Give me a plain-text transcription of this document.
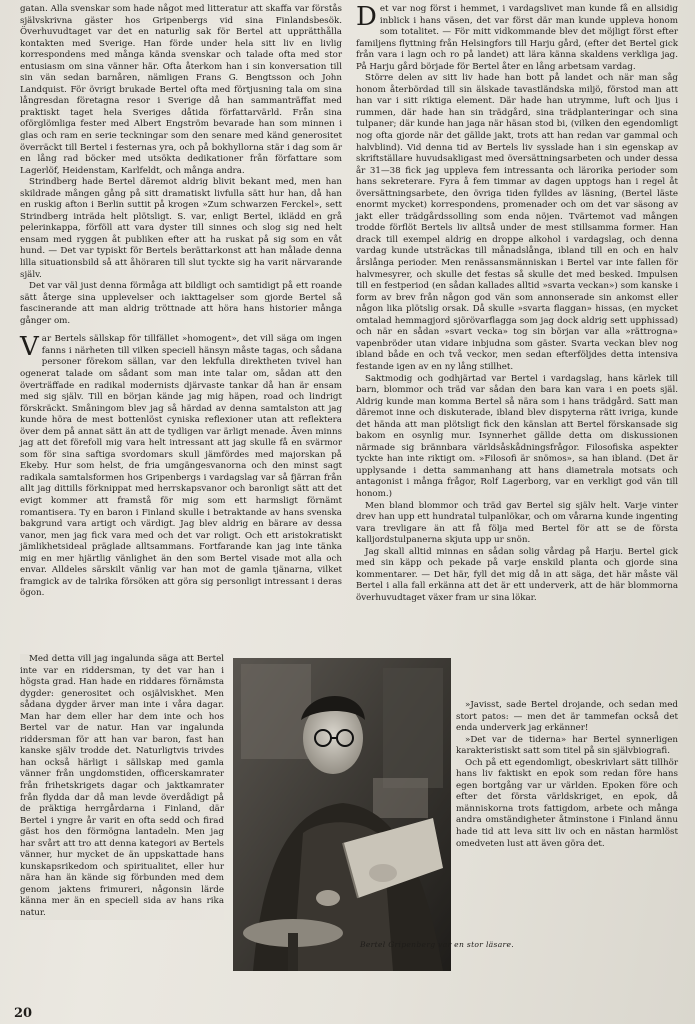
gatan. Alla svenskar som hade något med litteratur att skaffa var förstås självskrivna gäster hos Gripenbergs vid sina Finlandsbesök. Överhuvudtaget var det en naturlig sak för Bertel att upprätthålla kontakten med Sverige. Han förde under hela sitt liv en livlig korrespondens med många kända svenskar och talade ofta med stor entusiasm om sina vänner här. Ofta återkom han i sin konversation till sin vän sedan barnåren, nämligen Frans G. Bengtsson och John Landquist. För övrigt brukade Bertel ofta med förtjusning tala om sina långresdan företagna resor i Sverige då han sammanträffat med praktiskt taget hela Sveriges dåtida författarvärld. Från sina oförglömliga fester med Albert Engström bevarade han som minnen i glas och ram en serie teckningar som den senare med känd generositet överräckt till Bertel i festernas yra, och på bokhyllorna stär i dag som är en lång rad böcker med utsökta dedikationer från författare som Lagerlöf, Heidenstam, Karlfeldt, och många andra.

Strindberg hade Bertel däremot aldrig blivit bekant med, men han skildrade mången gång på sitt dramatiskt livfulla sätt hur han, då han en ruskig afton i Berlin suttit på krogen »Zum schwarzen Ferckel», sett Strindberg inträda helt plötsligt. S. var, enligt Bertel, iklädd en grå pelerinkappa, förföll att vara dyster till sinnes och slog sig ned helt ensam med ryggen åt publiken efter att ha ruskat på sig som en våt hund. — Det var typiskt för Bertels berättarkonst att han målade denna lilla situationsbild så att åhöraren till slut tyckte sig ha varit närvarande själv.

Det var väl just denna förmåga att bildligt och samtidigt på ett roande sätt återge sina upplevelser och iakttagelser som gjorde Bertel så fascinerande att man aldrig tröttnade att höra hans historier många gånger om.

Var Bertels sällskap för tillfället »homogent», det vill säga om ingen fanns i närheten till vilken speciell hänsyn måste tagas, och sådana personer förekom sällan, var den lekfulla direktheten tvivel han ogenerat talade om sådant som man inte talar om, sådan att den överträffade en radikal modernists djärvaste tankar då han är ensam med sig själv. Till en början kände jag mig häpen, road och lindrigt förskräckt. Småningom blev jag så härdad av denna samtalston att jag kunde höra de mest bottenlöst cyniska reflexioner utan att reflektera över dem på annat sätt än att de tydligen var ärligt menade. Även minns jag att det förefoll mig vara helt intressant att jag skulle få en svärmor som för sina saftiga svordomars skull jämfördes med majorskan på Ekeby. Hur som helst, de fria umgängesvanorna och den minst sagt radikala samtalsformen hos Gripenbergs i vardagslag var så fjärran från allt jag dittills förknippat med herrskapsvanor och baronligt sätt att det evigt kommer att framstå för mig som ett harmsligt förnämt romantisera. Ty en baron i Finland skulle i betraktande av hans svenska bakgrund vara artigt och värdigt. Jag blev aldrig en bärare av dessa vanor, men jag fick vara med och det var roligt. Och ett aristokratiskt jämlikhetsideal präglade alltsammans. Fortfarande kan jag inte tänka mig en mer hjärtlig vänlighet än den som Bertel visade mot alla och envar. Alldeles särskilt vänlig var han mot de gamla tjänarna, vilket framgick av de talrika försöken att göra sig personligt intressant i deras ögon.

Med detta vill jag ingalunda säga att Bertel inte var en riddersman, ty det var han i högsta grad. Han hade en riddares förnämsta dygder: generositet och osjälviskhet. Men sådana dygder ärver man inte i våra dagar. Man har dem eller har dem inte och hos Bertel var de natur. Han var ingalunda riddersman för att han var baron, fast han kanske själv trodde det. Naturligtvis trivdes han också härligt i sällskap med gamla vänner från ungdomstiden, officerskamrater från frihetskrigets dagar och jaktkamrater från flydda dar då man levde överdådigt på de präktiga herrgårdarna i Finland, där Bertel i yngre år varit en ofta sedd och firad gäst hos den förmögna lantadeln. Men jag har svårt att tro att denna kategori av Bertels vänner, hur mycket de än uppskattade hans kunskapsrikedom och spiritualitet, eller hur nära han än kände sig förbunden med dem genom jaktens frimureri, någonsin lärde känna mer än en speciell sida av hans rika natur.

Det var nog först i hemmet, i vardagslivet man kunde få en allsidig inblick i hans väsen, det var först där man kunde uppleva honom som totalitet. — För mitt vidkommande blev det möjligt först efter familjens flyttning från Helsingfors till Harju gård, (efter det Bertel gick från vara i lagn och ro på landet) att lära känna skaldens verkliga jag. På Harju gård började för Bertel åter en lång arbetsam vardag.

Större delen av sitt liv hade han bott på landet och när man såg honom återbördad till sin älskade tavastländska miljö, förstod man att han var i sitt riktiga element. Där hade han utrymme, luft och ljus i rummen, där hade han sin trädgård, sina trädplanteringar och sina tulpaner; där kunde han jaga när häsan stod bi, (vilken den egendomligt nog ofta gjorde när det gällde jakt, trots att han redan var gammal och halvblind). Vid denna tid av Bertels liv sysslade han i sin egenskap av skriftställare huvudsakligast med översättningsarbeten och under dessa år 31—38 fick jag uppleva fem intressanta och lärorika perioder som hans sekreterare. Fyra å fem timmar av dagen upptogs han i regel åt översättningsarbete, den övriga tiden fylldes av läsning, (Bertel läste enormt mycket) korrespondens, promenader och om det var säsong av jakt eller trädgårdssolling som enda nöjen. Tvärtemot vad mången trodde förflöt Bertels liv alltså under de mest stillsamma former. Han drack till exempel aldrig en droppe alkohol i vardagslag, och denna vardag kunde utsträckas till månadslånga, ibland till en och en halv årslånga perioder. Men renässansmänniskan i Bertel var inte fallen för halvmesyrer, och skulle det festas så skulle det med besked. Impulsen till en festperiod (en sådan kallades alltid »svarta veckan») som kanske i form av brev från någon god vän som annonserade sin ankomst eller någon lika plötslig orsak. Då skulle »svarta flaggan» hissas, (en mycket omtalad hemmagjord sjörövarflagga som jag dock aldrig sett upphissad) och när en sådan »svart vecka» tog sin början var alla »rättrogna» vapenbröder utan vidare inbjudna som gäster. Svarta veckan blev nog ibland både en och två veckor, men sedan efterföljdes detta intensiva festande igen av en ny lång stillhet.

Saktmodig och godhjärtad var Bertel i vardagslag, hans kärlek till barn, blommor och träd var sådan den bara kan vara i en poets själ. Aldrig kunde man komma Bertel så nära som i hans trädgård. Satt man däremot inne och diskuterade, ibland blev dispyterna rätt ivriga, kunde det hända att man plötsligt fick den känslan att Bertel förskansade sig bakom en osynlig mur. Isynnerhet gällde detta om diskussionen närmade sig brännbara världsåskådningsfrågor. Filosofiska aspekter tyckte han inte riktigt om. »Filosofi är snömos», sa han ibland. (Det är upplysande i detta sammanhang att hans diametrala motsats och antagonist i många frågor, Rolf Lagerborg, var en verkligt god vän till honom.)

Men bland blommor och träd gav Bertel sig själv helt. Varje vinter drev han upp ett hundratal tulpanlökar, och om vårarna kunde ingenting vara trevligare än att få följa med Bertel för att se de första kalljordstulpanerna skjuta upp ur snön.

Jag skall alltid minnas en sådan solig vårdag på Harju. Bertel gick med sin käpp och pekade på varje enskild planta och gjorde sina kommentarer. — Det här, fyll det mig då in att säga, det här måste väl Bertel i alla fall erkänna att det är ett underverk, att de här blommorna överhuvudtaget växer fram ur sina lökar.

»Javisst, sade Bertel drojande, och sedan med stort patos: — men det är tammefan också det enda underverk jag erkänner!

»Det var de tiderna» har Bertel synnerligen karakteristiskt satt som titel på sin självbiografi.

Och på ett egendomligt, obeskrivlart sätt tillhör hans liv faktiskt en epok som redan före hans egen bortgång var ur världen. Epoken före och efter det första världskriget, en epok, då människorna trots fattigdom, arbete och många andra omständigheter åtminstone i Finland ännu hade tid att leva sitt liv och en nästan harmlöst omedveten lust att även göra det.

Bertel Gripenberg var en stor läsare.
20
